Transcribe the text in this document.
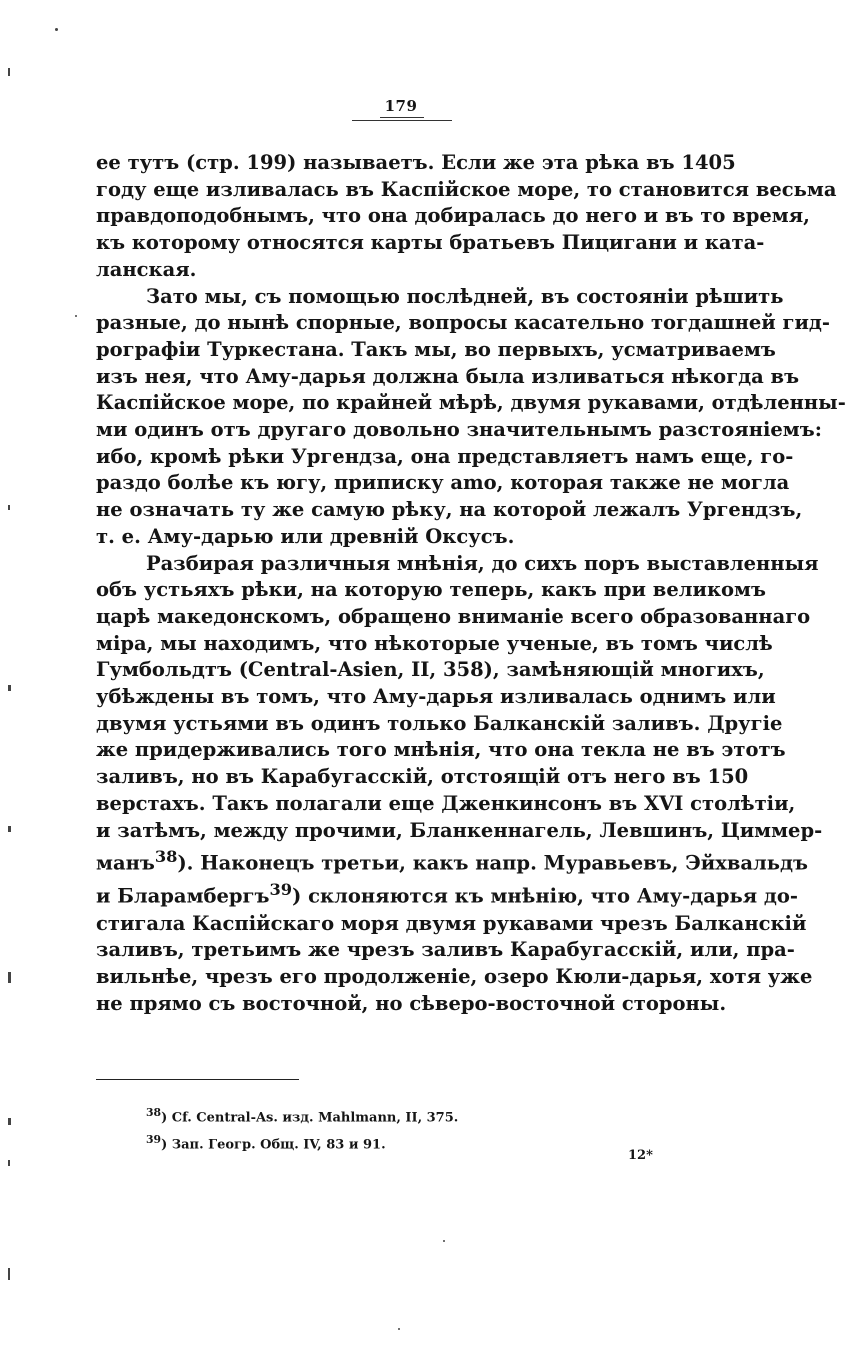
179
ее тутъ (стр. 199) называетъ. Если же эта рѣка въ 1405
году еще изливалась въ Каспійское море, то становится весьма
правдоподобнымъ, что она добиралась до него и въ то время,
къ которому относятся карты братьевъ Пицигани и ката-
ланская.
Зато мы, съ помощью послѣдней, въ состояніи рѣшить
разные, до нынѣ спорные, вопросы касательно тогдашней гид-
рографіи Туркестана. Такъ мы, во первыхъ, усматриваемъ
изъ нея, что Аму-дарья должна была изливаться нѣкогда въ
Каспійское море, по крайней мѣрѣ, двумя рукавами, отдѣленны-
ми одинъ отъ другаго довольно значительнымъ разстояніемъ:
ибо, кромѣ рѣки Ургендза, она представляетъ намъ еще, го-
раздо болѣе къ югу, приписку amo, которая также не могла
не означать ту же самую рѣку, на которой лежалъ Ургендзъ,
т. е. Аму-дарью или древній Оксусъ.
Разбирая различныя мнѣнія, до сихъ поръ выставленныя
объ устьяхъ рѣки, на которую теперь, какъ при великомъ
царѣ македонскомъ, обращено вниманіе всего образованнаго
міра, мы находимъ, что нѣкоторые ученые, въ томъ числѣ
Гумбольдтъ (Central-Asien, II, 358), замѣняющій многихъ,
убѣждены въ томъ, что Аму-дарья изливалась однимъ или
двумя устьями въ одинъ только Балканскій заливъ. Другіе
же придерживались того мнѣнія, что она текла не въ этотъ
заливъ, но въ Карабугасскій, отстоящій отъ него въ 150
верстахъ. Такъ полагали еще Дженкинсонъ въ XVI столѣтіи,
и затѣмъ, между прочими, Бланкеннагель, Левшинъ, Циммер-
манъ$^{38}$). Наконецъ третьи, какъ напр. Муравьевъ, Эйхвальдъ
и Бларамбергъ$^{39}$) склоняются къ мнѣнію, что Аму-дарья до-
стигала Каспійскаго моря двумя рукавами чрезъ Балканскій
заливъ, третьимъ же чрезъ заливъ Карабугасскій, или, пра-
вильнѣе, чрезъ его продолженіе, озеро Кюли-дарья, хотя уже
не прямо съ восточной, но сѣверо-восточной стороны.
$^{38}$) Cf. Central-As. изд. Mahlmann, II, 375.
$^{39}$) Зап. Геогр. Общ. IV, 83 и 91.
12*
